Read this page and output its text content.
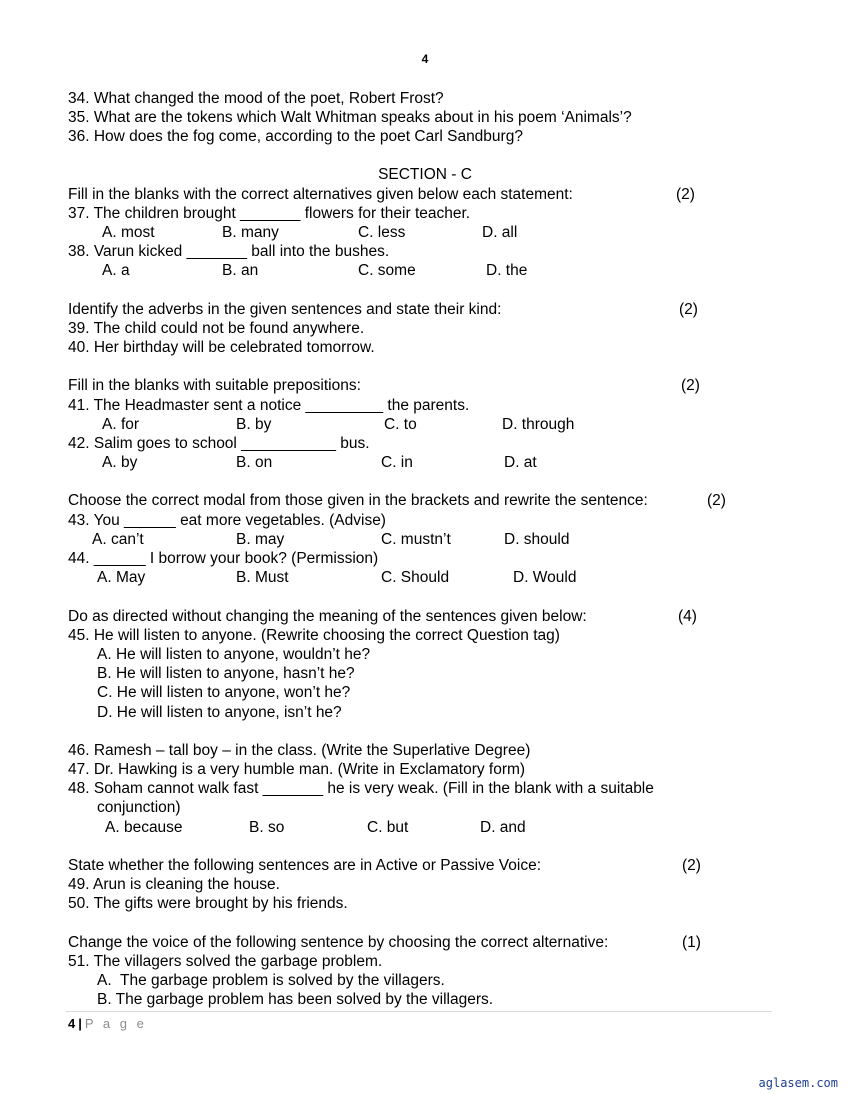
4
34. What changed the mood of the poet, Robert Frost?
35. What are the tokens which Walt Whitman speaks about in his poem ‘Animals’?
36. How does the fog come, according to the poet Carl Sandburg?
SECTION - C
Fill in the blanks with the correct alternatives given below each statement:	(2)
37. The children brought _______ flowers for their teacher.
A. most	B. many	C. less	D. all
38. Varun kicked _______ ball into the bushes.
A. a	B. an	C. some	D. the
Identify the adverbs in the given sentences and state their kind:	(2)
39. The child could not be found anywhere.
40. Her birthday will be celebrated tomorrow.
Fill in the blanks with suitable prepositions:	(2)
41. The Headmaster sent a notice _________ the parents.
A. for	B. by	C. to	D. through
42. Salim goes to school ___________ bus.
A. by	B. on	C. in	D. at
Choose the correct modal from those given in the brackets and rewrite the sentence:	(2)
43. You ______ eat more vegetables. (Advise)
A. can’t	B. may	C. mustn’t	D. should
44. ______ I borrow your book? (Permission)
A. May	B. Must	C. Should	D. Would
Do as directed without changing the meaning of the sentences given below:	(4)
45. He will listen to anyone. (Rewrite choosing the correct Question tag)
A. He will listen to anyone, wouldn’t he?
B. He will listen to anyone, hasn’t he?
C. He will listen to anyone, won’t he?
D. He will listen to anyone, isn’t he?
46. Ramesh – tall boy – in the class. (Write the Superlative Degree)
47. Dr. Hawking is a very humble man. (Write in Exclamatory form)
48. Soham cannot walk fast _______ he is very weak. (Fill in the blank with a suitable
conjunction)
A. because	B. so	C. but	D. and
State whether the following sentences are in Active or Passive Voice:	(2)
49. Arun is cleaning the house.
50. The gifts were brought by his friends.
Change the voice of the following sentence by choosing the correct alternative:	(1)
51. The villagers solved the garbage problem.
A.  The garbage problem is solved by the villagers.
B. The garbage problem has been solved by the villagers.
4 | P a g e
aglasem.com
